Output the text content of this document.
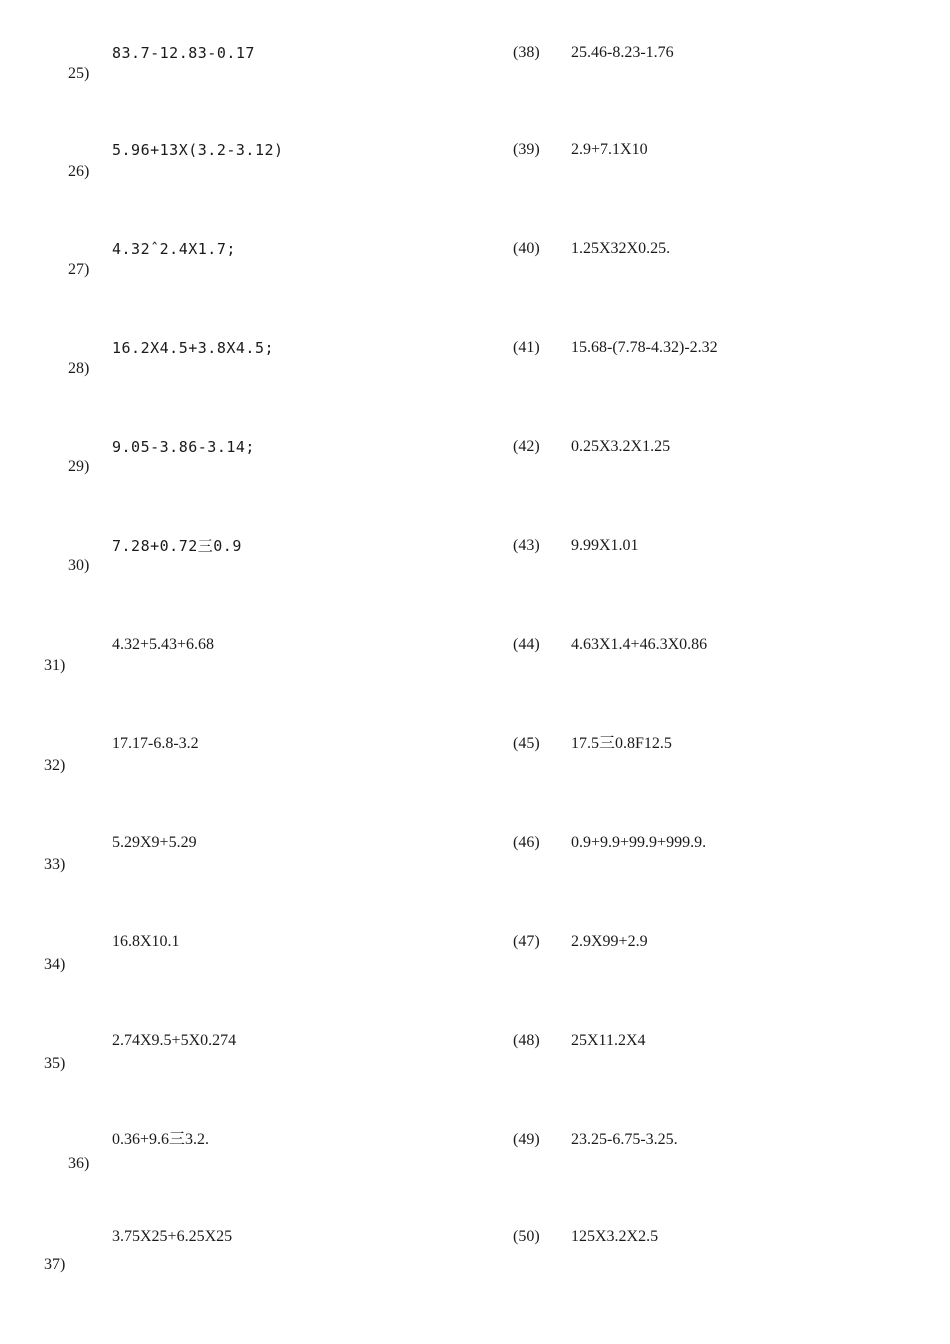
83.7-12.83-0.17
25)
5.96+13X(3.2-3.12)
26)
4.32ˆ2.4X1.7;
27)
16.2X4.5+3.8X4.5;
28)
9.05-3.86-3.14;
29)
7.28+0.72三0.9
30)
4.32+5.43+6.68
31)
17.17-6.8-3.2
32)
5.29X9+5.29
33)
16.8X10.1
34)
2.74X9.5+5X0.274
35)
0.36+9.6三3.2.
36)
3.75X25+6.25X25
37)
(38) 25.46-8.23-1.76
(39) 2.9+7.1X10
(40) 1.25X32X0.25.
(41) 15.68-(7.78-4.32)-2.32
(42) 0.25X3.2X1.25
(43) 9.99X1.01
(44) 4.63X1.4+46.3X0.86
(45) 17.5三0.8F12.5
(46) 0.9+9.9+99.9+999.9.
(47) 2.9X99+2.9
(48) 25X11.2X4
(49) 23.25-6.75-3.25.
(50) 125X3.2X2.5
